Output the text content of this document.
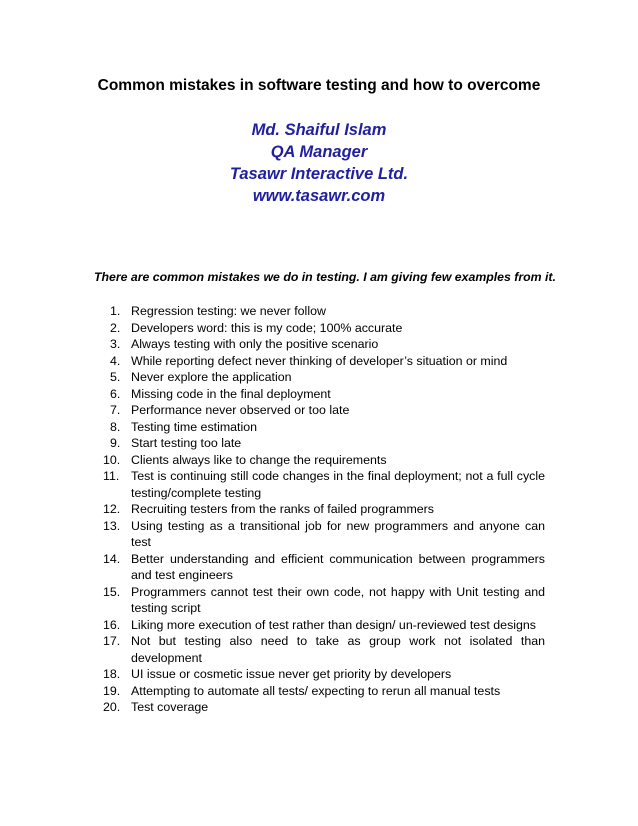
Common mistakes in software testing and how to overcome
Md. Shaiful Islam
QA Manager
Tasawr Interactive Ltd.
www.tasawr.com
There are common mistakes we do in testing. I am giving few examples from it.
1. Regression testing: we never follow
2. Developers word: this is my code; 100% accurate
3. Always testing with only the positive scenario
4. While reporting defect never thinking of developer’s situation or mind
5. Never explore the application
6. Missing code in the final deployment
7. Performance never observed or too late
8. Testing time estimation
9. Start testing too late
10. Clients always like to change the requirements
11. Test is continuing still code changes in the final deployment; not a full cycle testing/complete testing
12. Recruiting testers from the ranks of failed programmers
13. Using testing as a transitional job for new programmers and anyone can test
14. Better understanding and efficient communication between programmers and test engineers
15. Programmers cannot test their own code, not happy with Unit testing and testing script
16. Liking more execution of test rather than design/ un-reviewed test designs
17. Not but testing also need to take as group work not isolated than development
18. UI issue or cosmetic issue never get priority by developers
19. Attempting to automate all tests/ expecting to rerun all manual tests
20. Test coverage
